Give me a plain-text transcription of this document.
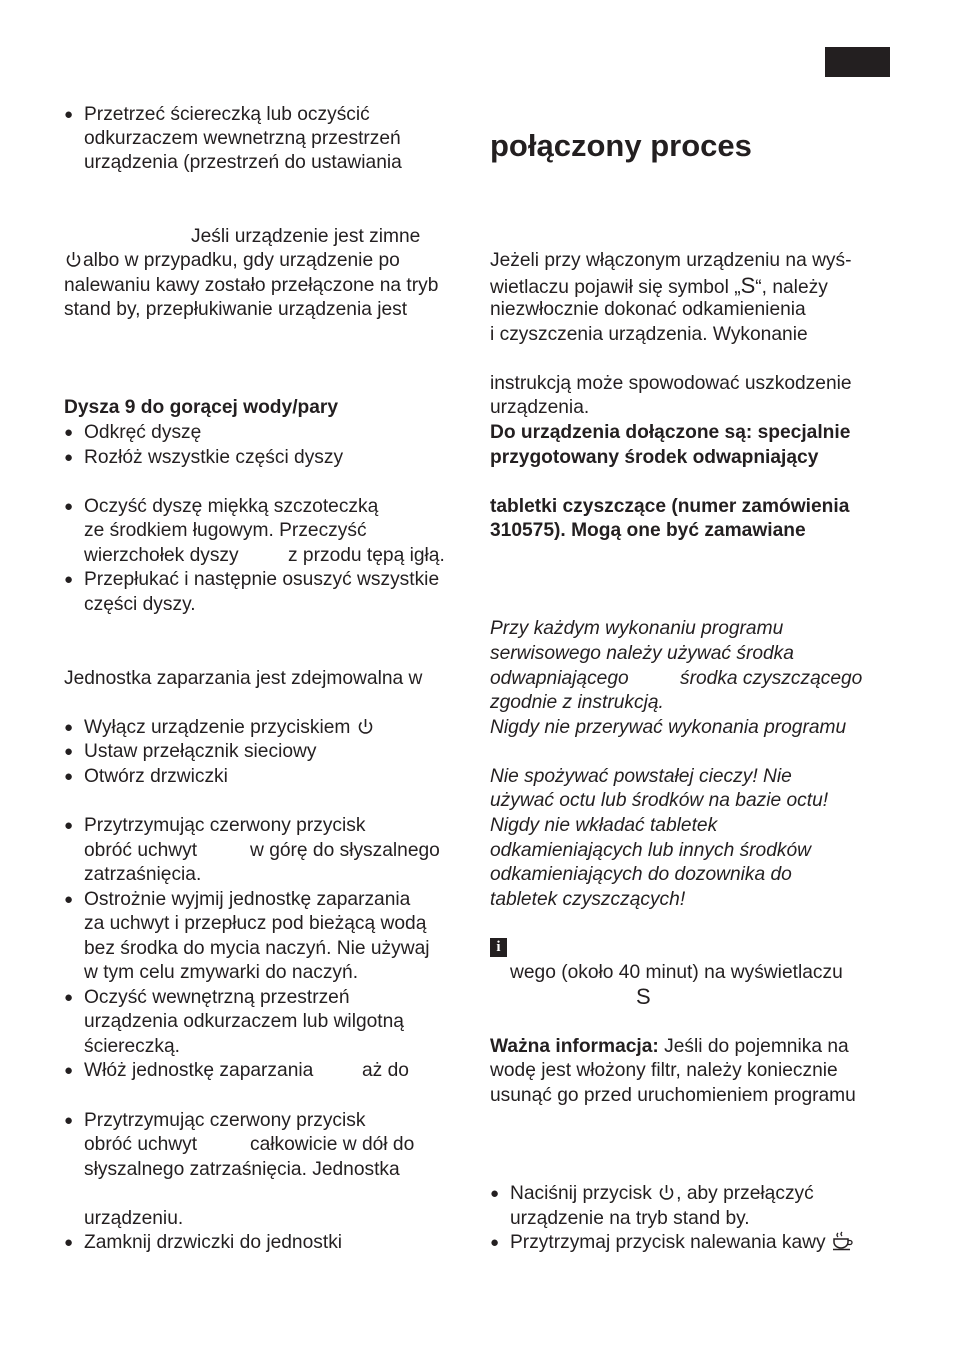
● Przetrzeć ściereczką lub oczyścić
odkurzaczem wewnetrzną przestrzeń
urządzenia (przestrzeń do ustawiania
Jeśli urządzenie jest zimne
albo w przypadku, gdy urządzenie po
nalewaniu kawy zostało przełączone na tryb
stand by, przepłukiwanie urządzenia jest
Dysza 9 do gorącej wody/pary
● Odkręć dyszę
● Rozłóż wszystkie części dyszy
● Oczyść dyszę miękką szczoteczką
ze środkiem ługowym. Przeczyść
wierzchołek dyszy	z przodu tępą igłą.
● Przepłukać i następnie osuszyć wszystkie
części dyszy.
Jednostka zaparzania jest zdejmowalna w
● Wyłącz urządzenie przyciskiem
● Ustaw przełącznik sieciowy
● Otwórz drzwiczki
● Przytrzymując czerwony przycisk
obróć uchwyt	w górę do słyszalnego
zatrzaśnięcia.
● Ostrożnie wyjmij jednostkę zaparzania
za uchwyt i przepłucz pod bieżącą wodą
bez środka do mycia naczyń. Nie używaj
w tym celu zmywarki do naczyń.
● Oczyść wewnętrzną przestrzeń
urządzenia odkurzaczem lub wilgotną
ściereczką.
● Włóż jednostkę zaparzania	aż do
● Przytrzymując czerwony przycisk
obróć uchwyt	całkowicie w dół do
słyszalnego zatrzaśnięcia. Jednostka
urządzeniu.
● Zamknij drzwiczki do jednostki
połączony proces
Jeżeli przy włączonym urządzeniu na wyś-
wietlaczu pojawił się symbol „S“, należy
niezwłocznie dokonać odkamienienia
i czyszczenia urządzenia. Wykonanie
instrukcją może spowodować uszkodzenie
urządzenia.
Do urządzenia dołączone są: specjalnie
przygotowany środek odwapniający
tabletki czyszczące (numer zamówienia
310575). Mogą one być zamawiane
Przy każdym wykonaniu programu
serwisowego należy używać środka
odwapniającego	środka czyszczącego
zgodnie z instrukcją.
Nigdy nie przerywać wykonania programu
Nie spożywać powstałej cieczy! Nie
używać octu lub środków na bazie octu!
Nigdy nie wkładać tabletek
odkamieniających lub innych środków
odkamieniających do dozownika do
tabletek czyszczących!
i
wego (około 40 minut) na wyświetlaczu
S
Ważna informacja: Jeśli do pojemnika na
wodę jest włożony filtr, należy koniecznie
usunąć go przed uruchomieniem programu
● Naciśnij przycisk , aby przełączyć
urządzenie na tryb stand by.
● Przytrzymaj przycisk nalewania kawy
